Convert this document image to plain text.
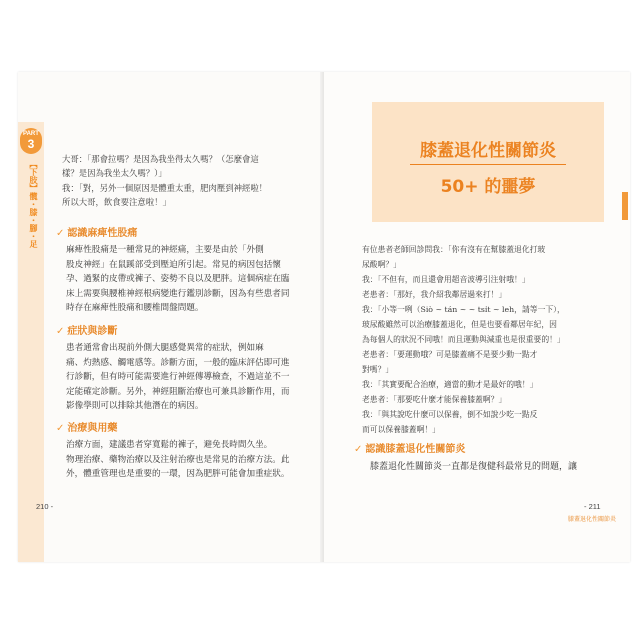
PART
3
【下肢】髖・膝・腳・足
大哥：「那會拉嗎？是因為我坐得太久嗎？（怎麼會這
樣？是因為我坐太久嗎？）」
我：「對，另外一個原因是體重太重，肥肉壓到神經啦！
所以大哥，飲食要注意啦！」
✓ 認識麻痺性股痛
麻痺性股痛是一種常見的神經痛，主要是由於「外側
股皮神經」在鼠蹊部受到壓迫所引起。常見的病因包括懷
孕、過緊的皮帶或褲子、姿勢不良以及肥胖。這個病症在臨
床上需要與腰椎神經根病變進行鑑別診斷，因為有些患者同
時存在麻痺性股痛和腰椎間盤問題。
✓ 症狀與診斷
患者通常會出現前外側大腿感覺異常的症狀，例如麻
痛、灼熱感、觸電感等。診斷方面，一般的臨床評估即可進
行診斷，但有時可能需要進行神經傳導檢查，不過這並不一
定能確定診斷。另外，神經阻斷治療也可兼具診斷作用，而
影像學則可以排除其他潛在的病因。
✓ 治療與用藥
治療方面，建議患者穿寬鬆的褲子，避免長時間久坐。
物理治療、藥物治療以及注射治療也是常見的治療方法。此
外，體重管理也是重要的一環，因為肥胖可能會加重症狀。
210 -
膝蓋退化性關節炎
50+ 的噩夢
有位患者老師回診問我：「你有沒有在幫膝蓋退化打玻
尿酸啊？」
我：「不但有，而且還會用超音波導引注射哦！」
老患者：「那好，我介紹我鄰居過來打！」
我：「小等一咧（Siò ~ tán ~ ~ tsi̍t ~ leh，請等一下），
玻尿酸雖然可以治療膝蓋退化，但是也要看鄰居年紀，因
為每個人的狀況不同哦！而且運動與減重也是很重要的！」
老患者：「要運動哦？可是膝蓋痛不是要少動一點才
對嗎？」
我：「其實要配合治療，適當的動才是最好的哦！」
老患者：「那要吃什麼才能保養膝蓋啊？」
我：「與其說吃什麼可以保養，倒不如說少吃一點反
而可以保養膝蓋啊！」
✓ 認識膝蓋退化性關節炎
膝蓋退化性關節炎一直都是復健科最常見的問題，讓
- 211
膝蓋退化性關節炎
